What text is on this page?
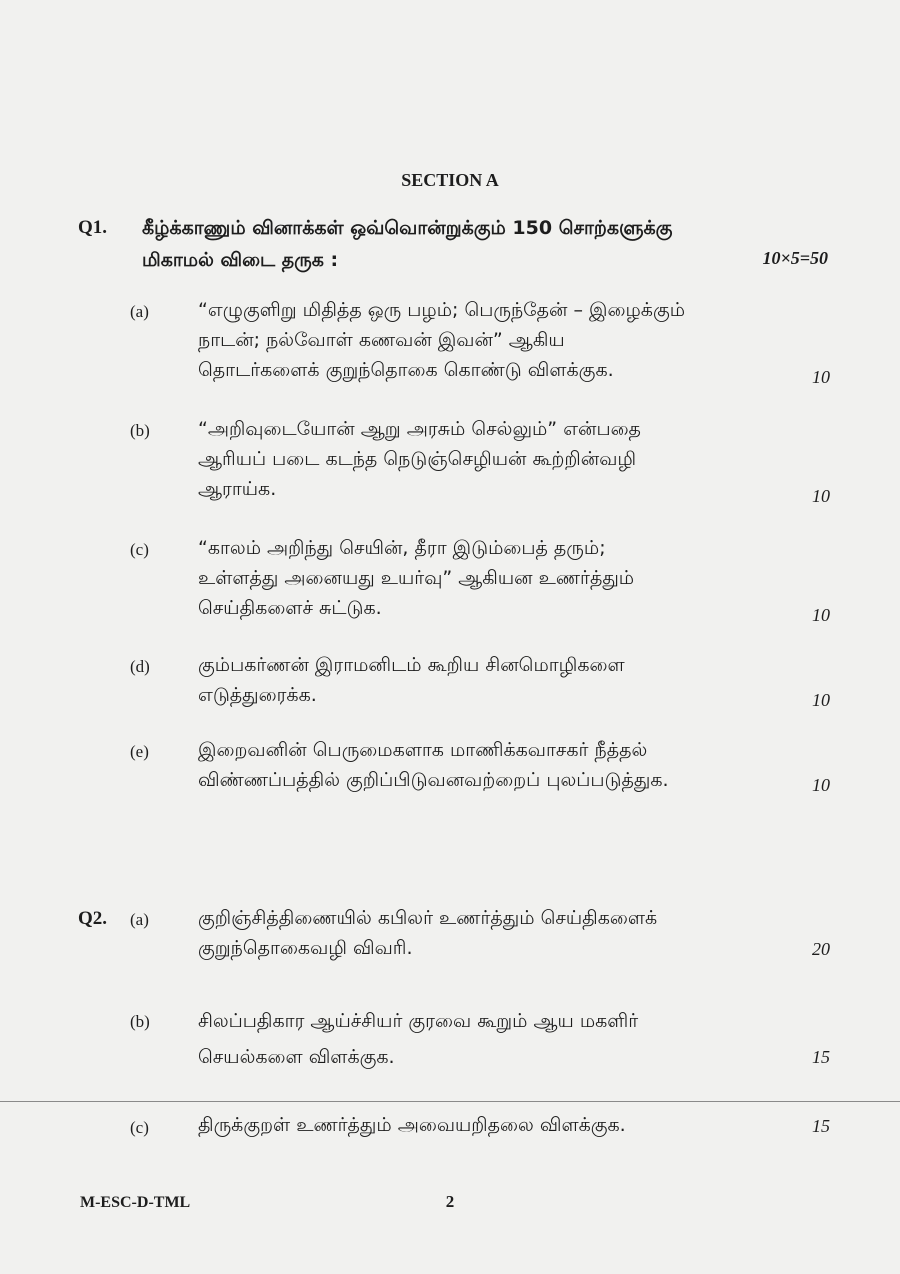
SECTION A
Q1. கீழ்க்காணும் வினாக்கள் ஒவ்வொன்றுக்கும் 150 சொற்களுக்கு
மிகாமல் விடை தருக :	10×5=50
(a)	“எழுகுளிறு மிதித்த ஒரு பழம்; பெருந்தேன் – இழைக்கும்
நாடன்; நல்வோள் கணவன் இவன்” ஆகிய
தொடர்களைக் குறுந்தொகை கொண்டு விளக்குக.	10
(b)	“அறிவுடையோன் ஆறு அரசும் செல்லும்” என்பதை
ஆரியப் படை கடந்த நெடுஞ்செழியன் கூற்றின்வழி
ஆராய்க.	10
(c)	“காலம் அறிந்து செயின், தீரா இடும்பைத் தரும்;
உள்ளத்து அனையது உயர்வு” ஆகியன உணர்த்தும்
செய்திகளைச் சுட்டுக.	10
(d)	கும்பகர்ணன் இராமனிடம் கூறிய சினமொழிகளை
எடுத்துரைக்க.	10
(e)	இறைவனின் பெருமைகளாக மாணிக்கவாசகர் நீத்தல்
விண்ணப்பத்தில் குறிப்பிடுவனவற்றைப் புலப்படுத்துக.	10
Q2. (a)	குறிஞ்சித்திணையில் கபிலர் உணர்த்தும் செய்திகளைக்
குறுந்தொகைவழி விவரி.	20
(b)	சிலப்பதிகார ஆய்ச்சியர் குரவை கூறும் ஆய மகளிர்
செயல்களை விளக்குக.	15
(c)	திருக்குறள் உணர்த்தும் அவையறிதலை விளக்குக.	15
M-ESC-D-TML	2
